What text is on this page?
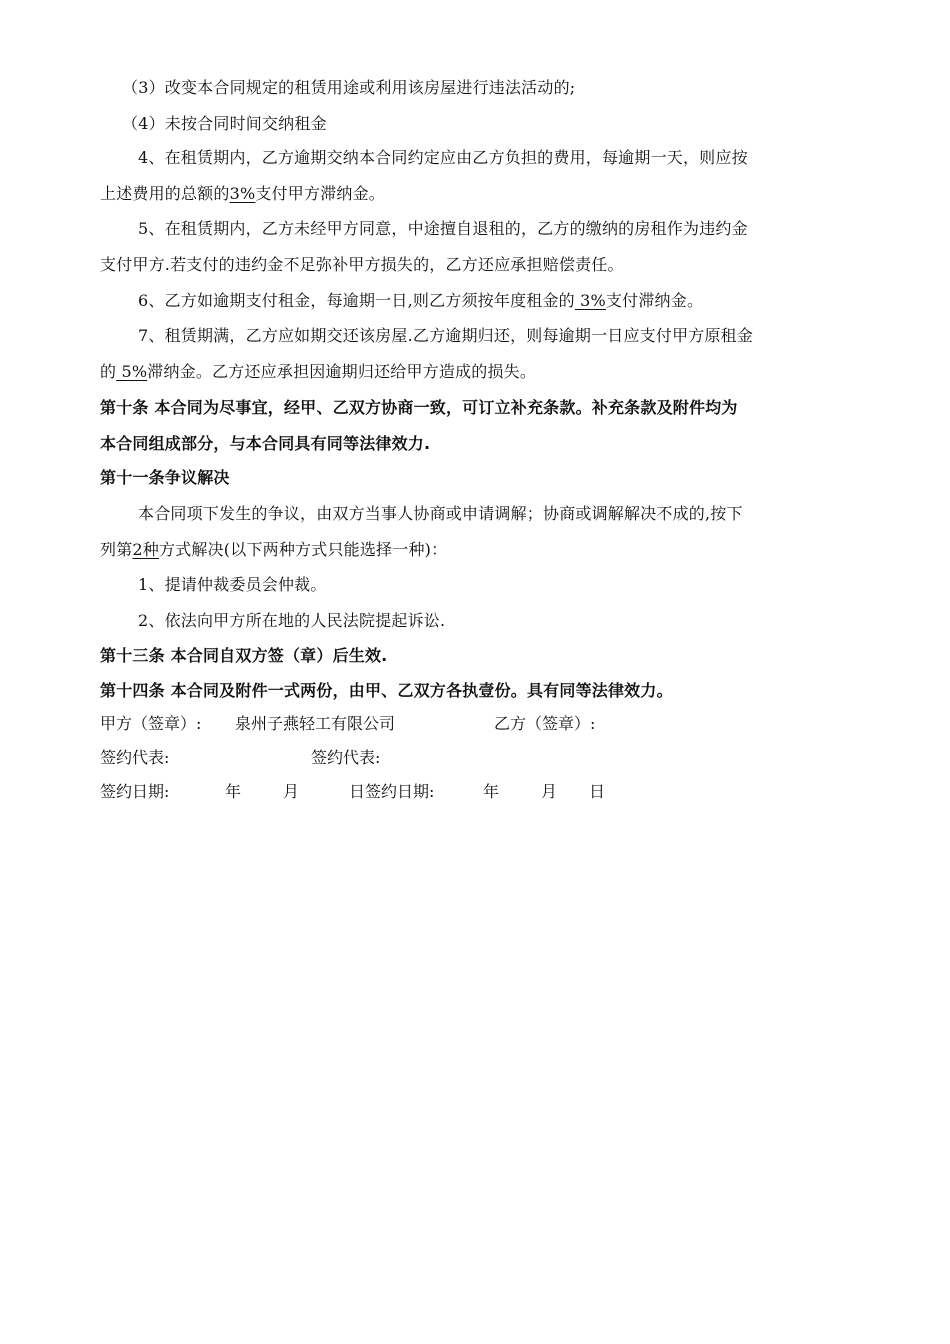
（3）改变本合同规定的租赁用途或利用该房屋进行违法活动的;
（4）未按合同时间交纳租金
4、在租赁期内，乙方逾期交纳本合同约定应由乙方负担的费用，每逾期一天，则应按
上述费用的总额的3%支付甲方滞纳金。
5、在租赁期内，乙方未经甲方同意，中途擅自退租的，乙方的缴纳的房租作为违约金
支付甲方.若支付的违约金不足弥补甲方损失的，乙方还应承担赔偿责任。
6、乙方如逾期支付租金，每逾期一日,则乙方须按年度租金的 3%支付滞纳金。
7、租赁期满，乙方应如期交还该房屋.乙方逾期归还，则每逾期一日应支付甲方原租金
的 5%滞纳金。乙方还应承担因逾期归还给甲方造成的损失。
第十条 本合同为尽事宜，经甲、乙双方协商一致，可订立补充条款。补充条款及附件均为
本合同组成部分，与本合同具有同等法律效力.
第十一条争议解决
本合同项下发生的争议，由双方当事人协商或申请调解；协商或调解解决不成的,按下
列第2种方式解决(以下两种方式只能选择一种)：
1、提请仲裁委员会仲裁。
2、依法向甲方所在地的人民法院提起诉讼.
第十三条 本合同自双方签（章）后生效.
第十四条 本合同及附件一式两份，由甲、乙双方各执壹份。具有同等法律效力。
甲方（签章）: 泉州子燕轻工有限公司	乙方（签章）:
签约代表:	签约代表:
签约日期:	年	月	日签约日期:	年	月 日
